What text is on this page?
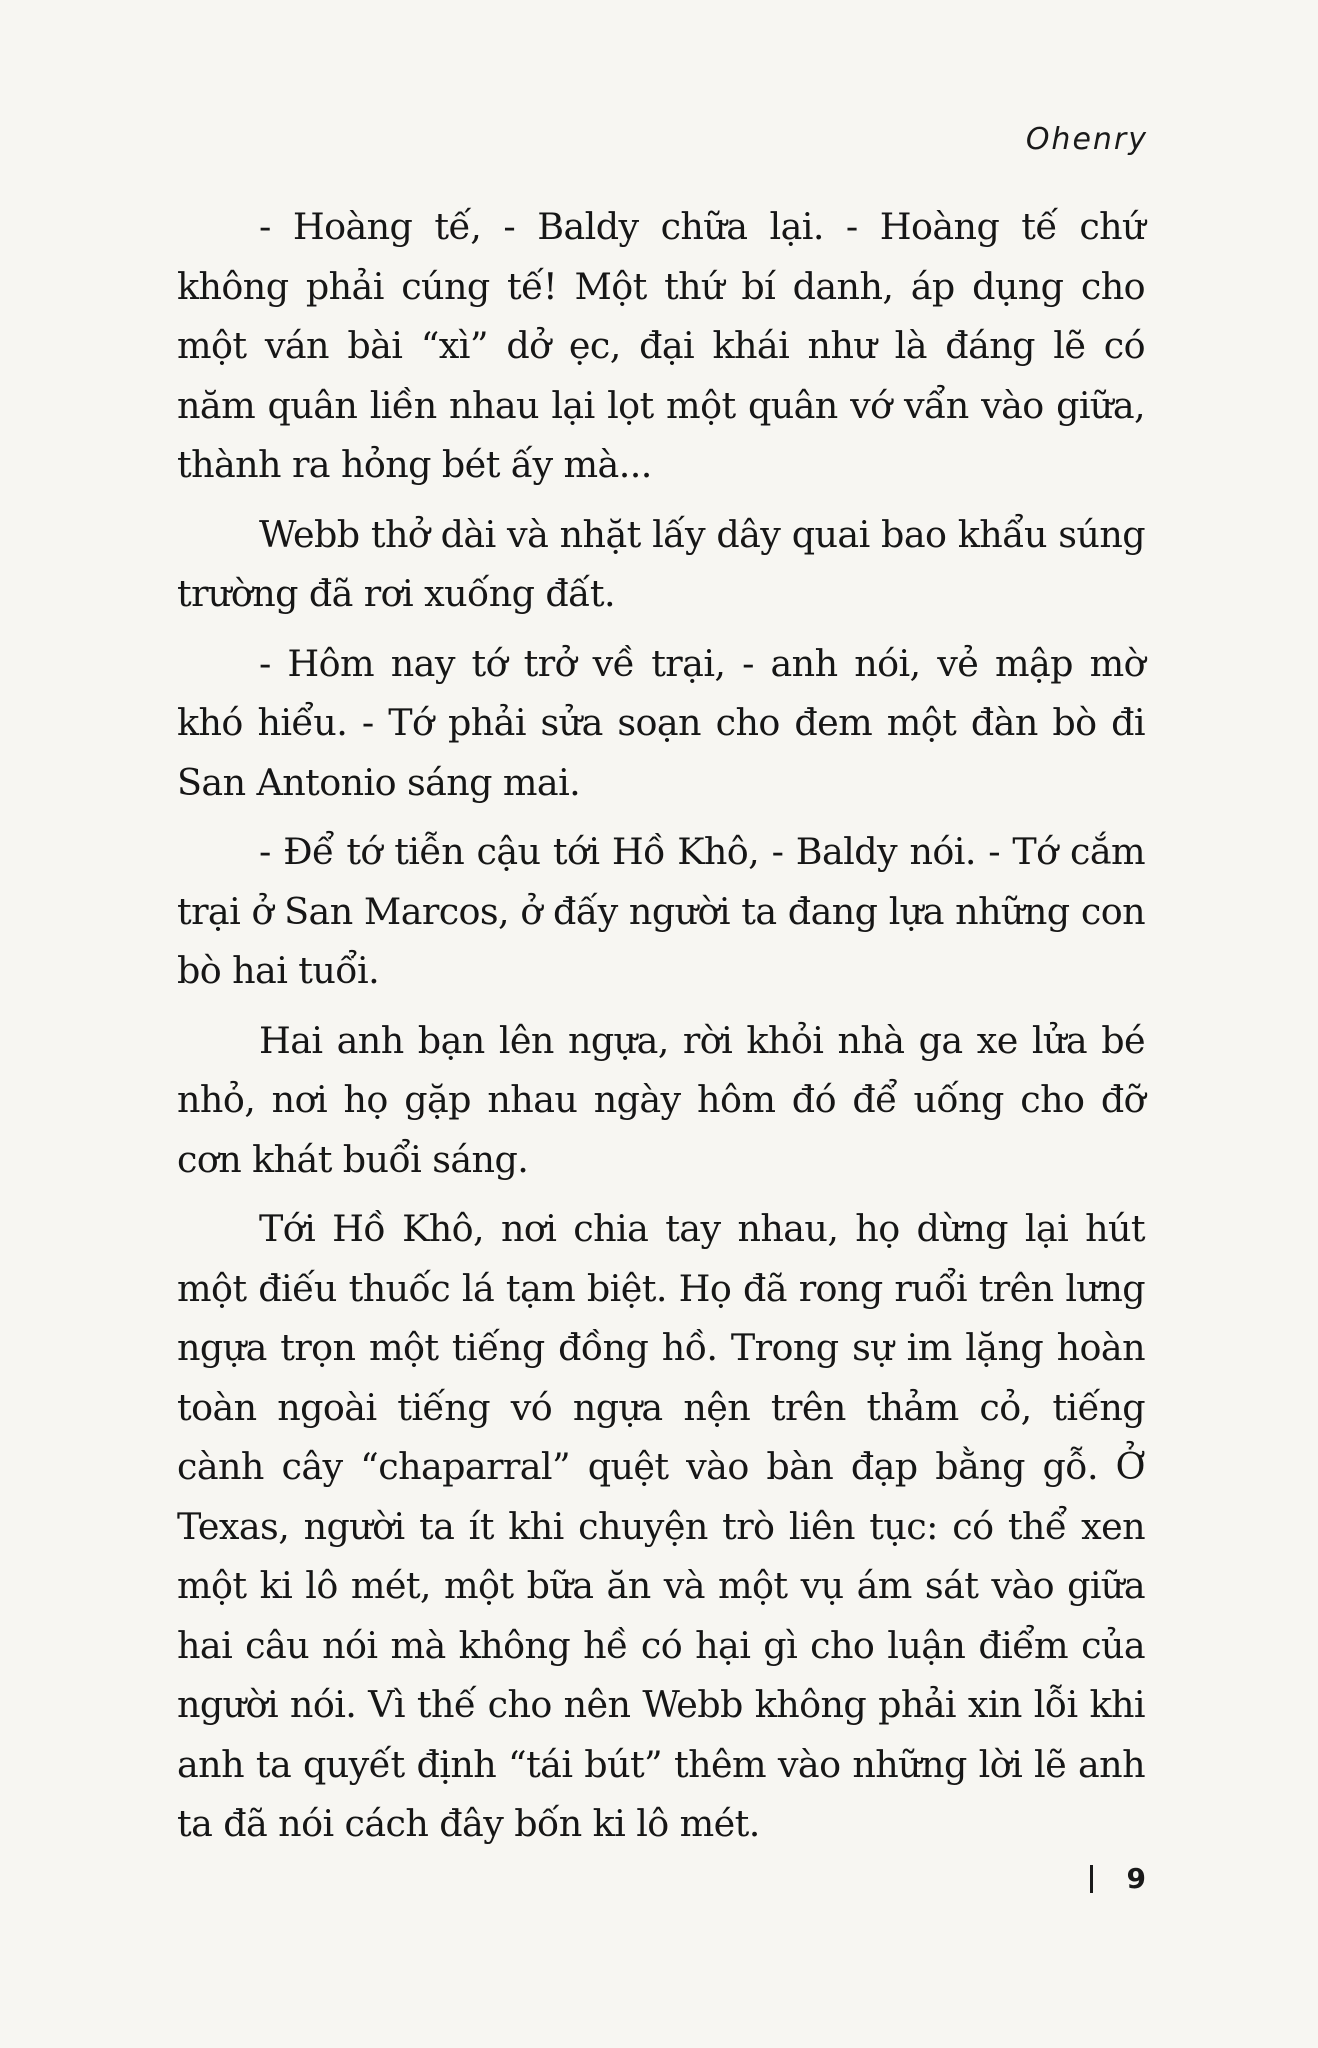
Ohenry

- Hoàng tế, - Baldy chữa lại. - Hoàng tế chứ không phải cúng tế! Một thứ bí danh, áp dụng cho một ván bài “xì” dở ẹc, đại khái như là đáng lẽ có năm quân liền nhau lại lọt một quân vớ vẩn vào giữa, thành ra hỏng bét ấy mà...

Webb thở dài và nhặt lấy dây quai bao khẩu súng trường đã rơi xuống đất.

- Hôm nay tớ trở về trại, - anh nói, vẻ mập mờ khó hiểu. - Tớ phải sửa soạn cho đem một đàn bò đi San Antonio sáng mai.

- Để tớ tiễn cậu tới Hồ Khô, - Baldy nói. - Tớ cắm trại ở San Marcos, ở đấy người ta đang lựa những con bò hai tuổi.

Hai anh bạn lên ngựa, rời khỏi nhà ga xe lửa bé nhỏ, nơi họ gặp nhau ngày hôm đó để uống cho đỡ cơn khát buổi sáng.

Tới Hồ Khô, nơi chia tay nhau, họ dừng lại hút một điếu thuốc lá tạm biệt. Họ đã rong ruổi trên lưng ngựa trọn một tiếng đồng hồ. Trong sự im lặng hoàn toàn ngoài tiếng vó ngựa nện trên thảm cỏ, tiếng cành cây “chaparral” quệt vào bàn đạp bằng gỗ. Ở Texas, người ta ít khi chuyện trò liên tục: có thể xen một ki lô mét, một bữa ăn và một vụ ám sát vào giữa hai câu nói mà không hề có hại gì cho luận điểm của người nói. Vì thế cho nên Webb không phải xin lỗi khi anh ta quyết định “tái bút” thêm vào những lời lẽ anh ta đã nói cách đây bốn ki lô mét.

9
